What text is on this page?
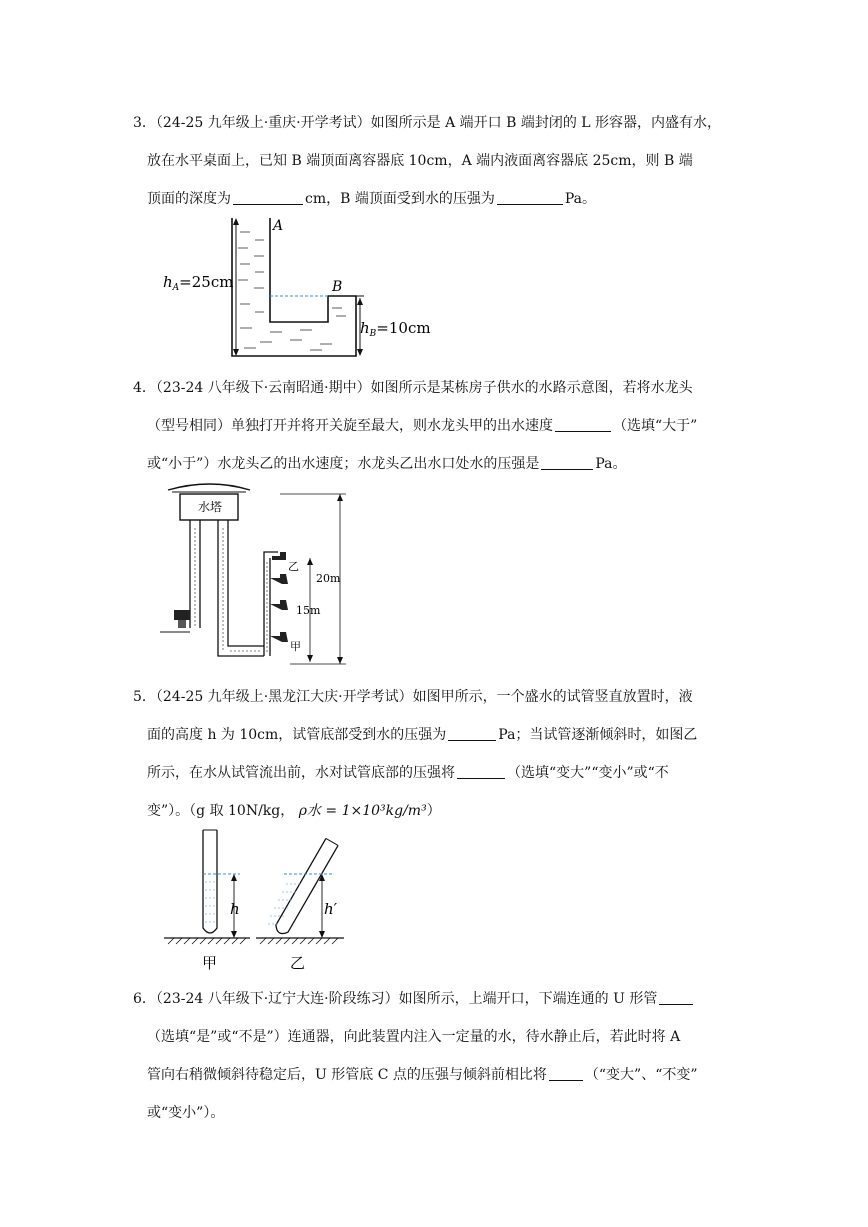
3．（24-25 九年级上·重庆·开学考试）如图所示是 A 端开口 B 端封闭的 L 形容器，内盛有水，
放在水平桌面上，已知 B 端顶面离容器底 10cm，A 端内液面离容器底 25cm，则 B 端
顶面的深度为	cm，B 端顶面受到水的压强为	Pa。
A
B
$h_A=25cm$
$h_B=10cm$
4．（23-24 八年级下·云南昭通·期中）如图所示是某栋房子供水的水路示意图，若将水龙头
（型号相同）单独打开并将开关旋至最大，则水龙头甲的出水速度	（选填“大于”
或“小于”）水龙头乙的出水速度；水龙头乙出水口处水的压强是	Pa。
水塔
乙
甲
20m
15m
5．（24-25 九年级上·黑龙江大庆·开学考试）如图甲所示，一个盛水的试管竖直放置时，液
面的高度 h 为 10cm，试管底部受到水的压强为	Pa；当试管逐渐倾斜时，如图乙
所示，在水从试管流出前，水对试管底部的压强将	（选填“变大”“变小”或“不
变”）。（g 取 10N/kg， ρ水 = 1×10³kg/m³）
h	h′
甲	乙
6．（23-24 八年级下·辽宁大连·阶段练习）如图所示，上端开口，下端连通的 U 形管
（选填“是”或“不是”）连通器，向此装置内注入一定量的水，待水静止后，若此时将 A
管向右稍微倾斜待稳定后，U 形管底 C 点的压强与倾斜前相比将	（“变大”、“不变”
或“变小”）。
